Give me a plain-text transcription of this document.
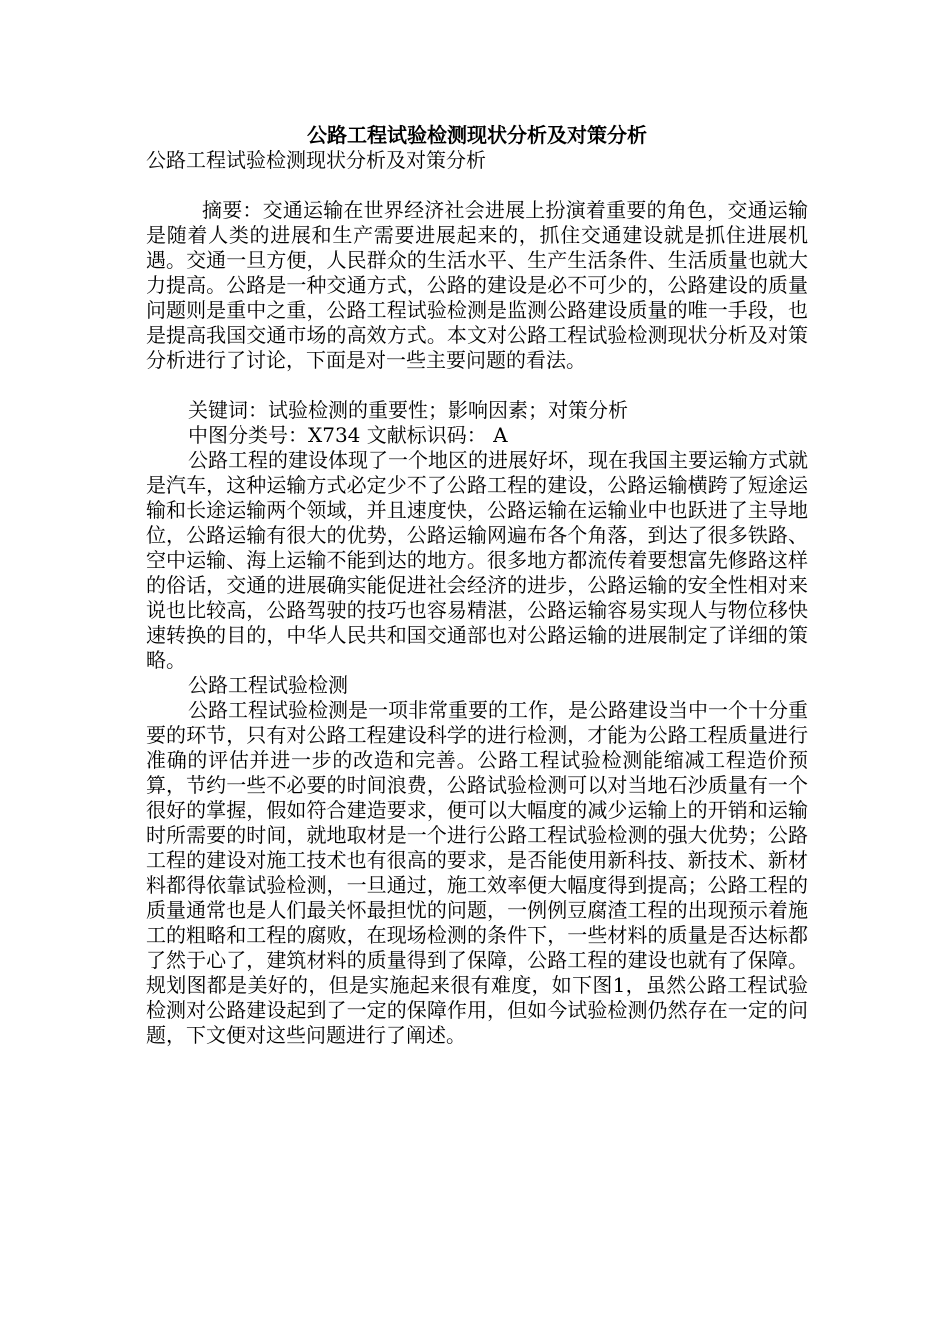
公路工程试验检测现状分析及对策分析

公路工程试验检测现状分析及对策分析

摘要：交通运输在世界经济社会进展上扮演着重要的角色，交通运输是随着人类的进展和生产需要进展起来的，抓住交通建设就是抓住进展机遇。交通一旦方便，人民群众的生活水平、生产生活条件、生活质量也就大力提高。公路是一种交通方式，公路的建设是必不可少的，公路建设的质量问题则是重中之重，公路工程试验检测是监测公路建设质量的唯一手段，也是提高我国交通市场的高效方式。本文对公路工程试验检测现状分析及对策分析进行了讨论，下面是对一些主要问题的看法。

关键词：试验检测的重要性；影响因素；对策分析

中图分类号：X734 文献标识码： A

公路工程的建设体现了一个地区的进展好坏，现在我国主要运输方式就是汽车，这种运输方式必定少不了公路工程的建设，公路运输横跨了短途运输和长途运输两个领域，并且速度快，公路运输在运输业中也跃进了主导地位，公路运输有很大的优势，公路运输网遍布各个角落，到达了很多铁路、空中运输、海上运输不能到达的地方。很多地方都流传着要想富先修路这样的俗话，交通的进展确实能促进社会经济的进步，公路运输的安全性相对来说也比较高，公路驾驶的技巧也容易精湛，公路运输容易实现人与物位移快速转换的目的，中华人民共和国交通部也对公路运输的进展制定了详细的策略。

公路工程试验检测

公路工程试验检测是一项非常重要的工作，是公路建设当中一个十分重要的环节，只有对公路工程建设科学的进行检测，才能为公路工程质量进行准确的评估并进一步的改造和完善。公路工程试验检测能缩减工程造价预算，节约一些不必要的时间浪费，公路试验检测可以对当地石沙质量有一个很好的掌握，假如符合建造要求，便可以大幅度的减少运输上的开销和运输时所需要的时间，就地取材是一个进行公路工程试验检测的强大优势；公路工程的建设对施工技术也有很高的要求，是否能使用新科技、新技术、新材料都得依靠试验检测，一旦通过，施工效率便大幅度得到提高；公路工程的质量通常也是人们最关怀最担忧的问题，一例例豆腐渣工程的出现预示着施工的粗略和工程的腐败，在现场检测的条件下，一些材料的质量是否达标都了然于心了，建筑材料的质量得到了保障，公路工程的建设也就有了保障。规划图都是美好的，但是实施起来很有难度，如下图1，虽然公路工程试验检测对公路建设起到了一定的保障作用，但如今试验检测仍然存在一定的问题，下文便对这些问题进行了阐述。
